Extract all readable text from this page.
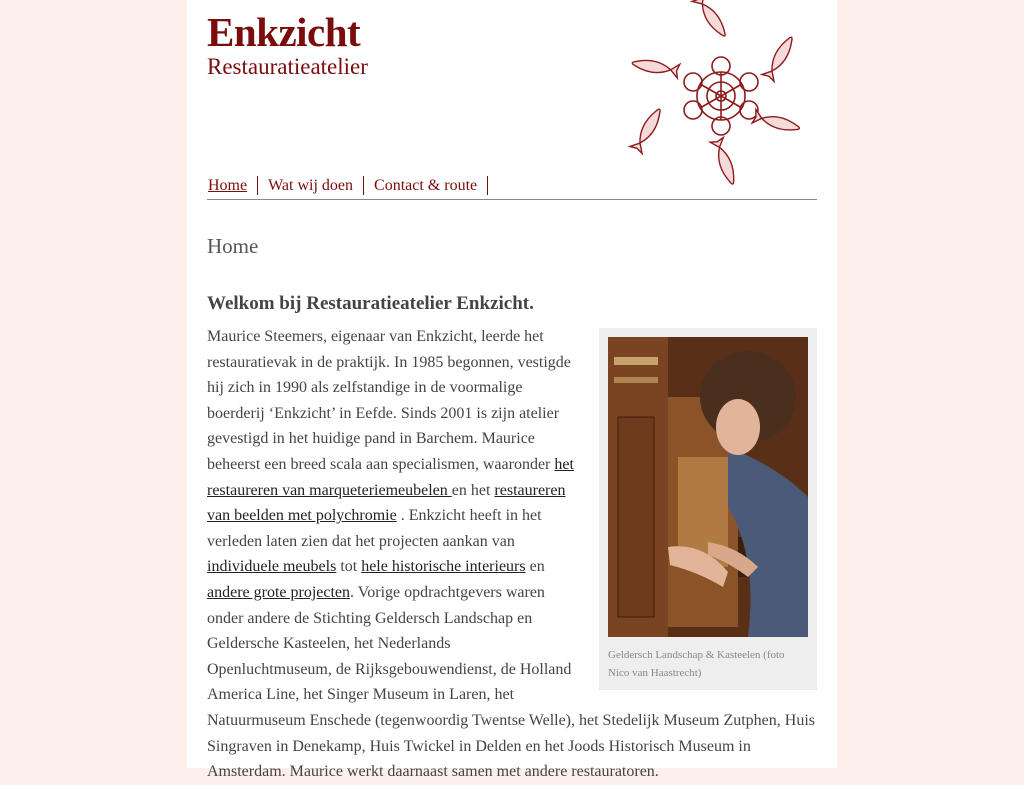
Enkzicht
Restauratieatelier
Home	Wat wij doen	Contact & route
Home
Welkom bij Restauratieatelier Enkzicht.
Geldersch Landschap & Kasteelen (foto Nico van Haastrecht)
Maurice Steemers, eigenaar van Enkzicht, leerde het restauratievak in de praktijk. In 1985 begonnen, vestigde hij zich in 1990 als zelfstandige in de voormalige boerderij ‘Enkzicht’ in Eefde. Sinds 2001 is zijn atelier gevestigd in het huidige pand in Barchem. Maurice beheerst een breed scala aan specialismen, waaronder het restaureren van marqueteriemeubelen en het restaureren van beelden met polychromie . Enkzicht heeft in het verleden laten zien dat het projecten aankan van individuele meubels tot hele historische interieurs en andere grote projecten. Vorige opdrachtgevers waren onder andere de Stichting Geldersch Landschap en Geldersche Kasteelen, het Nederlands Openluchtmuseum, de Rijksgebouwendienst, de Holland America Line, het Singer Museum in Laren, het Natuurmuseum Enschede (tegenwoordig Twentse Welle), het Stedelijk Museum Zutphen, Huis Singraven in Denekamp, Huis Twickel in Delden en het Joods Historisch Museum in Amsterdam. Maurice werkt daarnaast samen met andere restauratoren.
